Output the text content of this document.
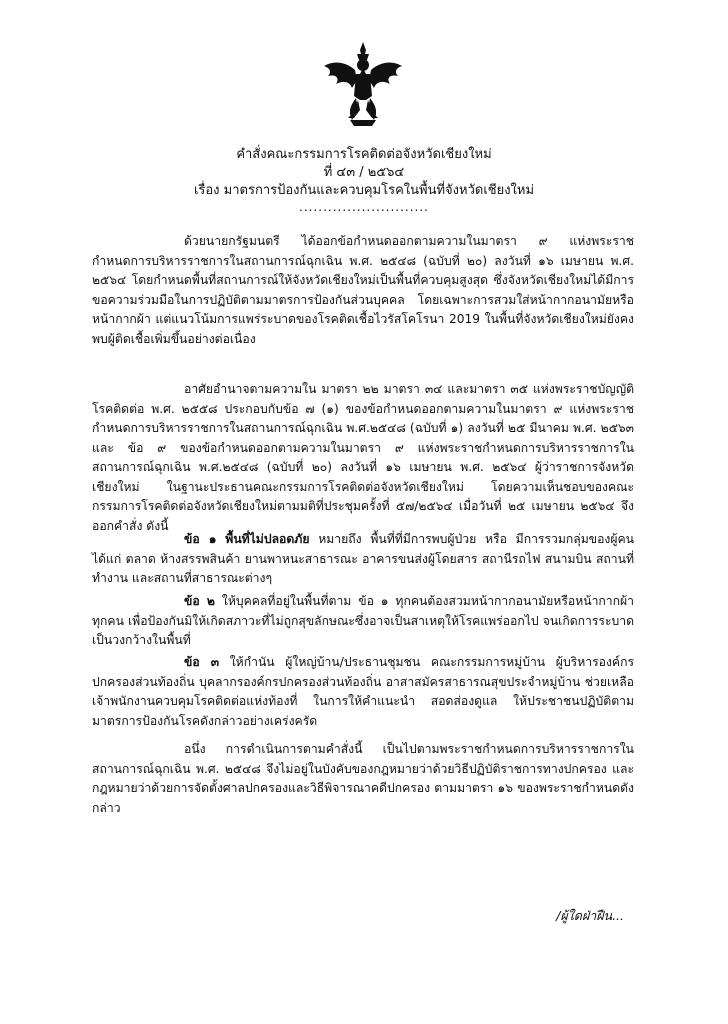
คำสั่งคณะกรรมการโรคติดต่อจังหวัดเชียงใหม่
ที่ ๔๓ / ๒๕๖๔
เรื่อง มาตรการป้องกันและควบคุมโรคในพื้นที่จังหวัดเชียงใหม่
...........................

ด้วยนายกรัฐมนตรี ได้ออกข้อกำหนดออกตามความในมาตรา ๙ แห่งพระราชกำหนดการบริหารราชการในสถานการณ์ฉุกเฉิน พ.ศ. ๒๕๔๘ (ฉบับที่ ๒๐) ลงวันที่ ๑๖ เมษายน พ.ศ. ๒๕๖๔ โดยกำหนดพื้นที่สถานการณ์ให้จังหวัดเชียงใหม่เป็นพื้นที่ควบคุมสูงสุด ซึ่งจังหวัดเชียงใหม่ได้มีการขอความร่วมมือในการปฏิบัติตามมาตรการป้องกันส่วนบุคคล โดยเฉพาะการสวมใส่หน้ากากอนามัยหรือหน้ากากผ้า แต่แนวโน้มการแพร่ระบาดของโรคติดเชื้อไวรัสโคโรนา 2019 ในพื้นที่จังหวัดเชียงใหม่ยังคงพบผู้ติดเชื้อเพิ่มขึ้นอย่างต่อเนื่อง

อาศัยอำนาจตามความใน มาตรา ๒๒ มาตรา ๓๔ และมาตรา ๓๕ แห่งพระราชบัญญัติโรคติดต่อ พ.ศ. ๒๕๕๘ ประกอบกับข้อ ๗ (๑) ของข้อกำหนดออกตามความในมาตรา ๙ แห่งพระราชกำหนดการบริหารราชการในสถานการณ์ฉุกเฉิน พ.ศ.๒๕๔๘ (ฉบับที่ ๑) ลงวันที่ ๒๕ มีนาคม พ.ศ. ๒๕๖๓ และ ข้อ ๙ ของข้อกำหนดออกตามความในมาตรา ๙ แห่งพระราชกำหนดการบริหารราชการในสถานการณ์ฉุกเฉิน พ.ศ.๒๕๔๘ (ฉบับที่ ๒๐) ลงวันที่ ๑๖ เมษายน พ.ศ. ๒๕๖๔ ผู้ว่าราชการจังหวัดเชียงใหม่ ในฐานะประธานคณะกรรมการโรคติดต่อจังหวัดเชียงใหม่ โดยความเห็นชอบของคณะกรรมการโรคติดต่อจังหวัดเชียงใหม่ตามมติที่ประชุมครั้งที่ ๕๗/๒๕๖๔ เมื่อวันที่ ๒๕ เมษายน ๒๕๖๔ จึงออกคำสั่ง ดังนี้

ข้อ ๑ พื้นที่ไม่ปลอดภัย หมายถึง พื้นที่ที่มีการพบผู้ป่วย หรือ มีการรวมกลุ่มของผู้คน ได้แก่ ตลาด ห้างสรรพสินค้า ยานพาหนะสาธารณะ อาคารขนส่งผู้โดยสาร สถานีรถไฟ สนามบิน สถานที่ทำงาน และสถานที่สาธารณะต่างๆ

ข้อ ๒ ให้บุคคลที่อยู่ในพื้นที่ตาม ข้อ ๑ ทุกคนต้องสวมหน้ากากอนามัยหรือหน้ากากผ้าทุกคน เพื่อป้องกันมิให้เกิดสภาวะที่ไม่ถูกสุขลักษณะซึ่งอาจเป็นสาเหตุให้โรคแพร่ออกไป จนเกิดการระบาดเป็นวงกว้างในพื้นที่

ข้อ ๓ ให้กำนัน ผู้ใหญ่บ้าน/ประธานชุมชน คณะกรรมการหมู่บ้าน ผู้บริหารองค์กรปกครองส่วนท้องถิ่น บุคลากรองค์กรปกครองส่วนท้องถิ่น อาสาสมัครสาธารณสุขประจำหมู่บ้าน ช่วยเหลือเจ้าพนักงานควบคุมโรคติดต่อแห่งท้องที่ ในการให้คำแนะนำ สอดส่องดูแล ให้ประชาชนปฏิบัติตามมาตรการป้องกันโรคดังกล่าวอย่างเคร่งครัด

อนึ่ง การดำเนินการตามคำสั่งนี้ เป็นไปตามพระราชกำหนดการบริหารราชการในสถานการณ์ฉุกเฉิน พ.ศ. ๒๕๔๘ จึงไม่อยู่ในบังคับของกฎหมายว่าด้วยวิธีปฏิบัติราชการทางปกครอง และกฎหมายว่าด้วยการจัดตั้งศาลปกครองและวิธีพิจารณาคดีปกครอง ตามมาตรา ๑๖ ของพระราชกำหนดดังกล่าว

/ผู้ใดฝ่าฝืน...
